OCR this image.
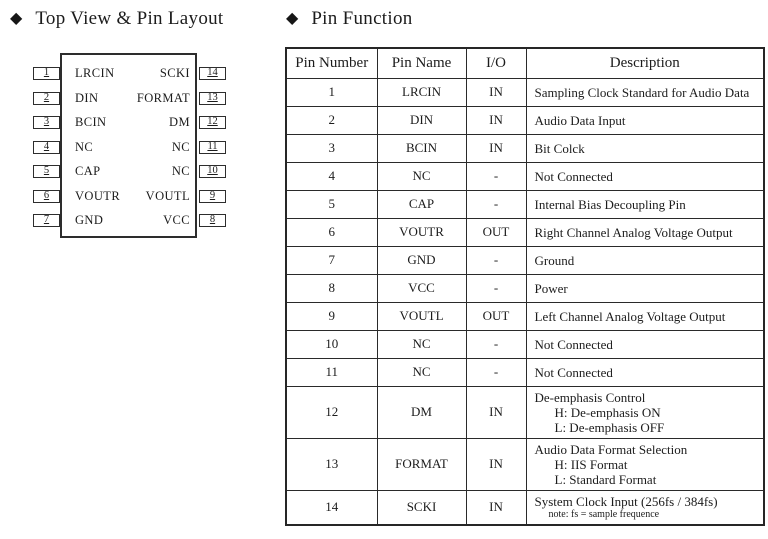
◆ Top View & Pin Layout	◆ Pin Function
1 LRCIN	SCKI 14
2 DIN	FORMAT 13
3 BCIN	DM 12
4 NC	NC 11
5 CAP	NC 10
6 VOUTR VOUTL 9
7 GND	VCC 8
Pin Number	Pin Name	I/O	Description
1	LRCIN	IN	Sampling Clock Standard for Audio Data

2	DIN	IN	Audio Data Input

3	BCIN	IN	Bit Colck

4	NC	-	Not Connected

5	CAP	-	Internal Bias Decoupling Pin

6	VOUTR	OUT	Right Channel Analog Voltage Output

7	GND	-	Ground

8	VCC	-	Power

9	VOUTL	OUT	Left Channel Analog Voltage Output

10	NC	-	Not Connected

11	NC	-	Not Connected

12	DM	IN	De-emphasis Control
H: De-emphasis ON
L: De-emphasis OFF

13	FORMAT	IN	Audio Data Format Selection
H: IIS Format
L: Standard Format

14	SCKI	IN	System Clock Input (256fs / 384fs)
note: fs = sample frequence
